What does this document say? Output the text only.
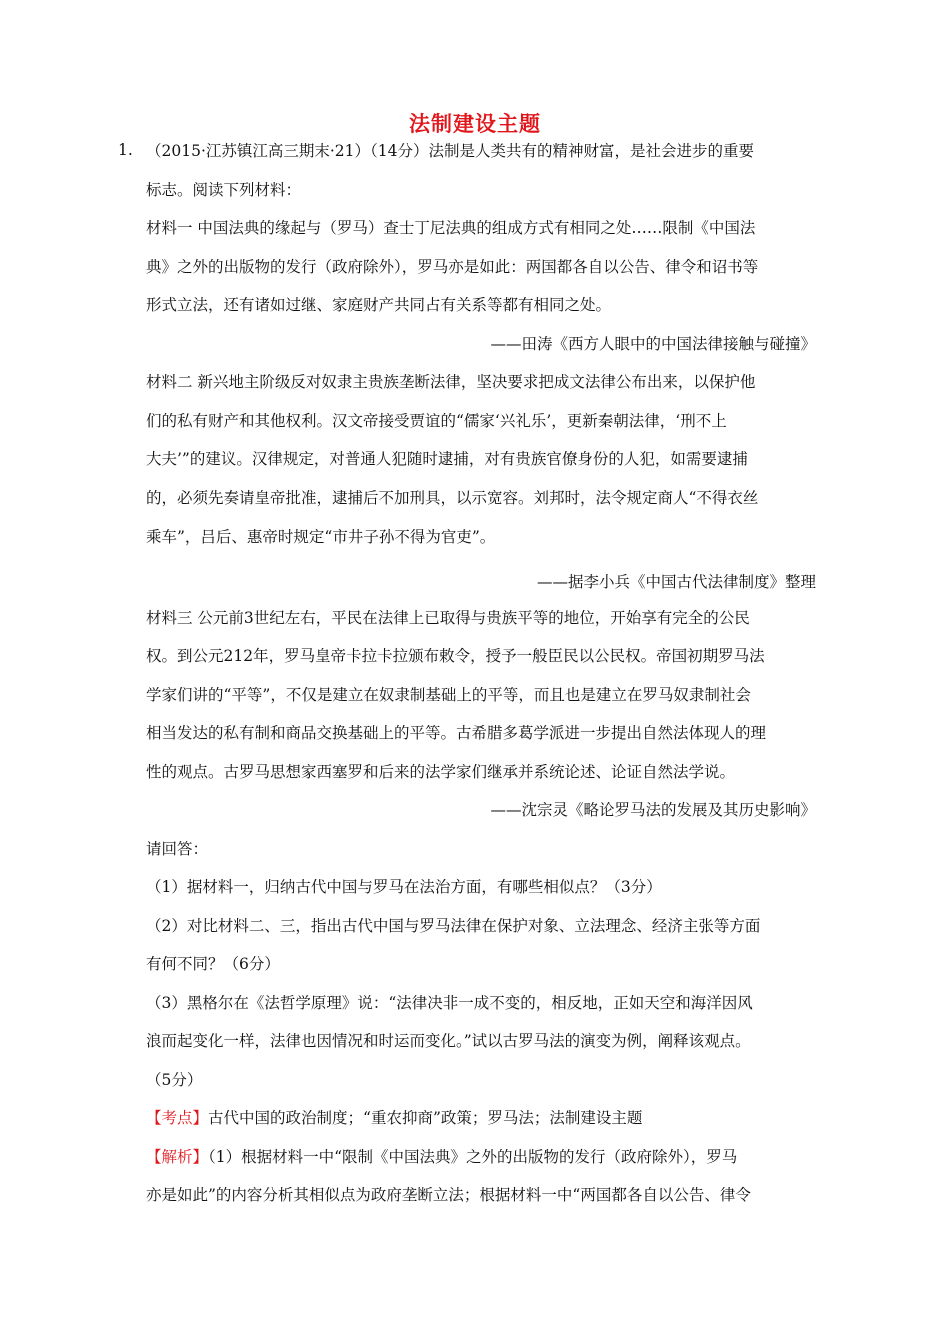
法制建设主题
1. （2015·江苏镇江高三期末·21）（14分）法制是人类共有的精神财富，是社会进步的重要
标志。阅读下列材料：
材料一 中国法典的缘起与（罗马）查士丁尼法典的组成方式有相同之处……限制《中国法
典》之外的出版物的发行（政府除外），罗马亦是如此：两国都各自以公告、律令和诏书等
形式立法，还有诸如过继、家庭财产共同占有关系等都有相同之处。
——田涛《西方人眼中的中国法律接触与碰撞》
材料二 新兴地主阶级反对奴隶主贵族垄断法律，坚决要求把成文法律公布出来，以保护他
们的私有财产和其他权利。汉文帝接受贾谊的“儒家‘兴礼乐’，更新秦朝法律，‘刑不上
大夫’”的建议。汉律规定，对普通人犯随时逮捕，对有贵族官僚身份的人犯，如需要逮捕
的，必须先奏请皇帝批准，逮捕后不加刑具，以示宽容。刘邦时，法令规定商人“不得衣丝
乘车”，吕后、惠帝时规定“市井子孙不得为官吏”。
——据李小兵《中国古代法律制度》整理
材料三 公元前3世纪左右，平民在法律上已取得与贵族平等的地位，开始享有完全的公民
权。到公元212年，罗马皇帝卡拉卡拉颁布敕令，授予一般臣民以公民权。帝国初期罗马法
学家们讲的“平等”，不仅是建立在奴隶制基础上的平等，而且也是建立在罗马奴隶制社会
相当发达的私有制和商品交换基础上的平等。古希腊多葛学派进一步提出自然法体现人的理
性的观点。古罗马思想家西塞罗和后来的法学家们继承并系统论述、论证自然法学说。
——沈宗灵《略论罗马法的发展及其历史影响》
请回答：
（1）据材料一，归纳古代中国与罗马在法治方面，有哪些相似点？（3分）
（2）对比材料二、三，指出古代中国与罗马法律在保护对象、立法理念、经济主张等方面
有何不同？（6分）
（3）黑格尔在《法哲学原理》说：“法律决非一成不变的，相反地，正如天空和海洋因风
浪而起变化一样，法律也因情况和时运而变化。”试以古罗马法的演变为例，阐释该观点。
（5分）
【考点】古代中国的政治制度；“重农抑商”政策；罗马法；法制建设主题
【解析】（1）根据材料一中“限制《中国法典》之外的出版物的发行（政府除外），罗马
亦是如此”的内容分析其相似点为政府垄断立法；根据材料一中“两国都各自以公告、律令
